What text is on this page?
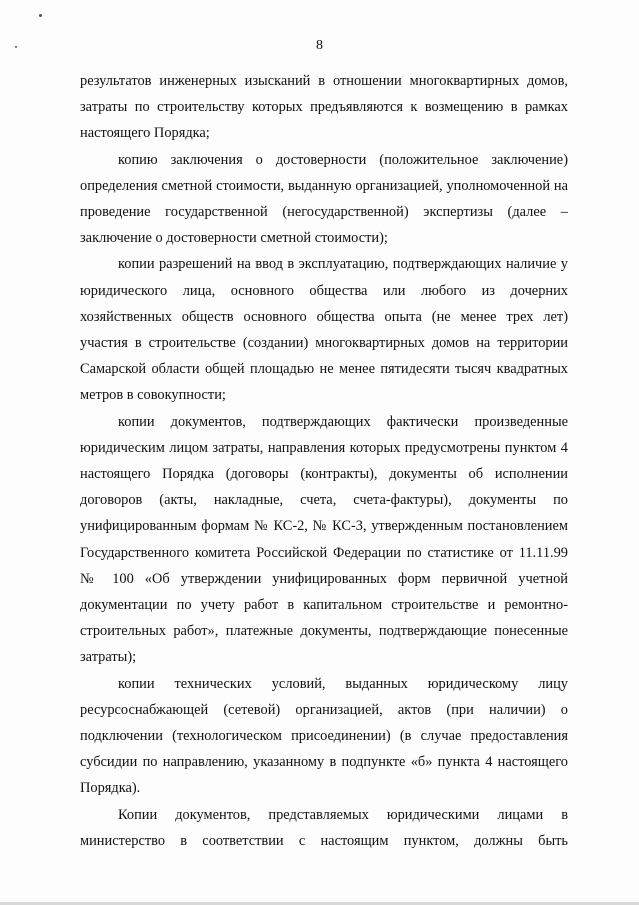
8

результатов инженерных изысканий в отношении многоквартирных домов, затраты по строительству которых предъявляются к возмещению в рамках настоящего Порядка;

копию заключения о достоверности (положительное заключение) определения сметной стоимости, выданную организацией, уполномоченной на проведение государственной (негосударственной) экспертизы (далее – заключение о достоверности сметной стоимости);

копии разрешений на ввод в эксплуатацию, подтверждающих наличие у юридического лица, основного общества или любого из дочерних хозяйственных обществ основного общества опыта (не менее трех лет) участия в строительстве (создании) многоквартирных домов на территории Самарской области общей площадью не менее пятидесяти тысяч квадратных метров в совокупности;

копии документов, подтверждающих фактически произведенные юридическим лицом затраты, направления которых предусмотрены пунктом 4 настоящего Порядка (договоры (контракты), документы об исполнении договоров (акты, накладные, счета, счета-фактуры), документы по унифицированным формам № КС-2, № КС-3, утвержденным постановлением Государственного комитета Российской Федерации по статистике от 11.11.99 № 100 «Об утверждении унифицированных форм первичной учетной документации по учету работ в капитальном строительстве и ремонтно-строительных работ», платежные документы, подтверждающие понесенные затраты);

копии технических условий, выданных юридическому лицу ресурсоснабжающей (сетевой) организацией, актов (при наличии) о подключении (технологическом присоединении) (в случае предоставления субсидии по направлению, указанному в подпункте «б» пункта 4 настоящего Порядка).

Копии документов, представляемых юридическими лицами в министерство в соответствии с настоящим пунктом, должны быть
